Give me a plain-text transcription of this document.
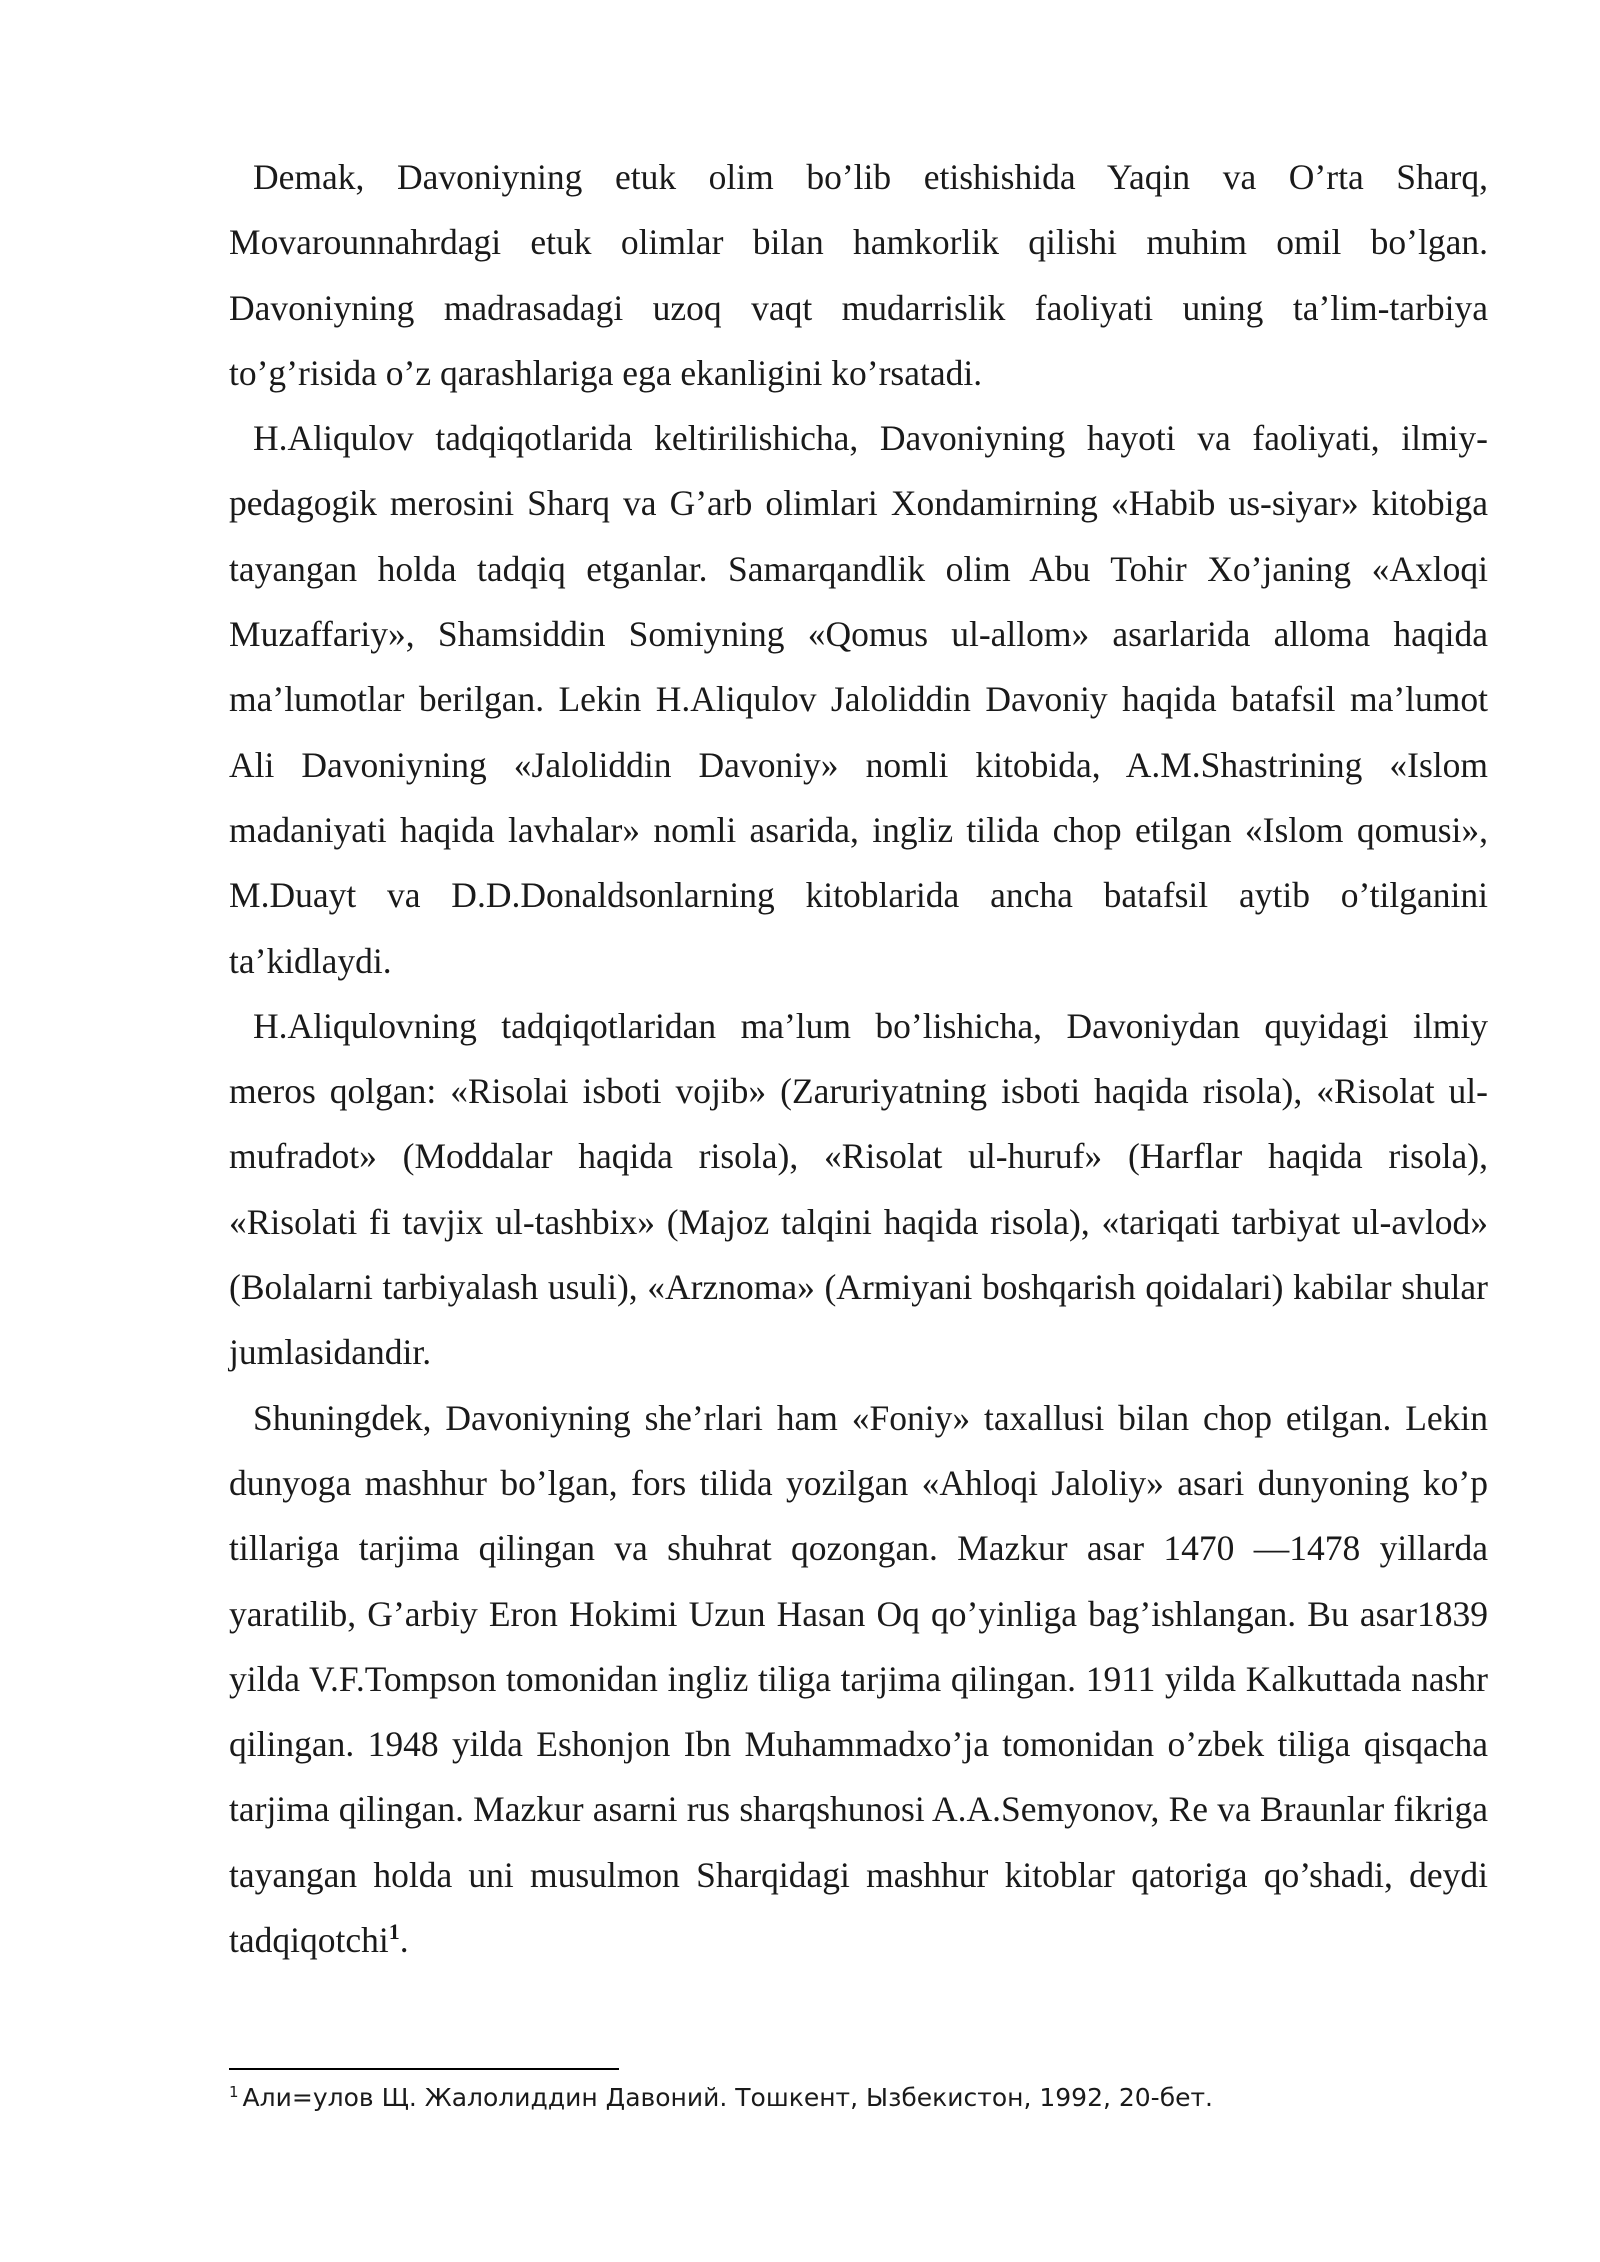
Demak, Davoniyning etuk olim bo’lib etishishida Yaqin va O’rta Sharq, Movarounnahrdagi etuk olimlar bilan hamkorlik qilishi muhim omil bo’lgan. Davoniyning madrasadagi uzoq vaqt mudarrislik faoliyati uning ta’lim-tarbiya to’g’risida o’z qarashlariga ega ekanligini ko’rsatadi.

H.Aliqulov tadqiqotlarida keltirilishicha, Davoniyning hayoti va faoliyati, ilmiy-pedagogik merosini Sharq va G’arb olimlari Xondamirning «Habib us-siyar» kitobiga tayangan holda tadqiq etganlar. Samarqandlik olim Abu Tohir Xo’janing «Axloqi Muzaffariy», Shamsiddin Somiyning «Qomus ul-allom» asarlarida alloma haqida ma’lumotlar berilgan. Lekin H.Aliqulov Jaloliddin Davoniy haqida batafsil ma’lumot Ali Davoniyning «Jaloliddin Davoniy» nomli kitobida, A.M.Shastrining «Islom madaniyati haqida lavhalar» nomli asarida, ingliz tilida chop etilgan «Islom qomusi», M.Duayt va D.D.Donaldsonlarning kitoblarida ancha batafsil aytib o’tilganini ta’kidlaydi.

H.Aliqulovning tadqiqotlaridan ma’lum bo’lishicha, Davoniydan quyidagi ilmiy meros qolgan: «Risolai isboti vojib» (Zaruriyatning isboti haqida risola), «Risolat ul-mufradot» (Moddalar haqida risola), «Risolat ul-huruf» (Harflar haqida risola), «Risolati fi tavjix ul-tashbix» (Majoz talqini haqida risola), «tariqati tarbiyat ul-avlod» (Bolalarni tarbiyalash usuli), «Arznoma» (Armiyani boshqarish qoidalari) kabilar shular jumlasidandir.

Shuningdek, Davoniyning she’rlari ham «Foniy» taxallusi bilan chop etilgan. Lekin dunyoga mashhur bo’lgan, fors tilida yozilgan «Ahloqi Jaloliy» asari dunyoning ko’p tillariga tarjima qilingan va shuhrat qozongan. Mazkur asar 1470 —1478 yillarda yaratilib, G’arbiy Eron Hokimi Uzun Hasan Oq qo’yinliga bag’ishlangan. Bu asar1839 yilda V.F.Tompson tomonidan ingliz tiliga tarjima qilingan. 1911 yilda Kalkuttada nashr qilingan. 1948 yilda Eshonjon Ibn Muhammadxo’ja tomonidan o’zbek tiliga qisqacha tarjima qilingan. Mazkur asarni rus sharqshunosi A.A.Semyonov, Re va Braunlar fikriga tayangan holda uni musulmon Sharqidagi mashhur kitoblar qatoriga qo’shadi, deydi tadqiqotchi$^1$.

$^1$ Али=улов Щ. Жалолиддин Давоний. Тошкент, Ызбекистон, 1992, 20-бет.
